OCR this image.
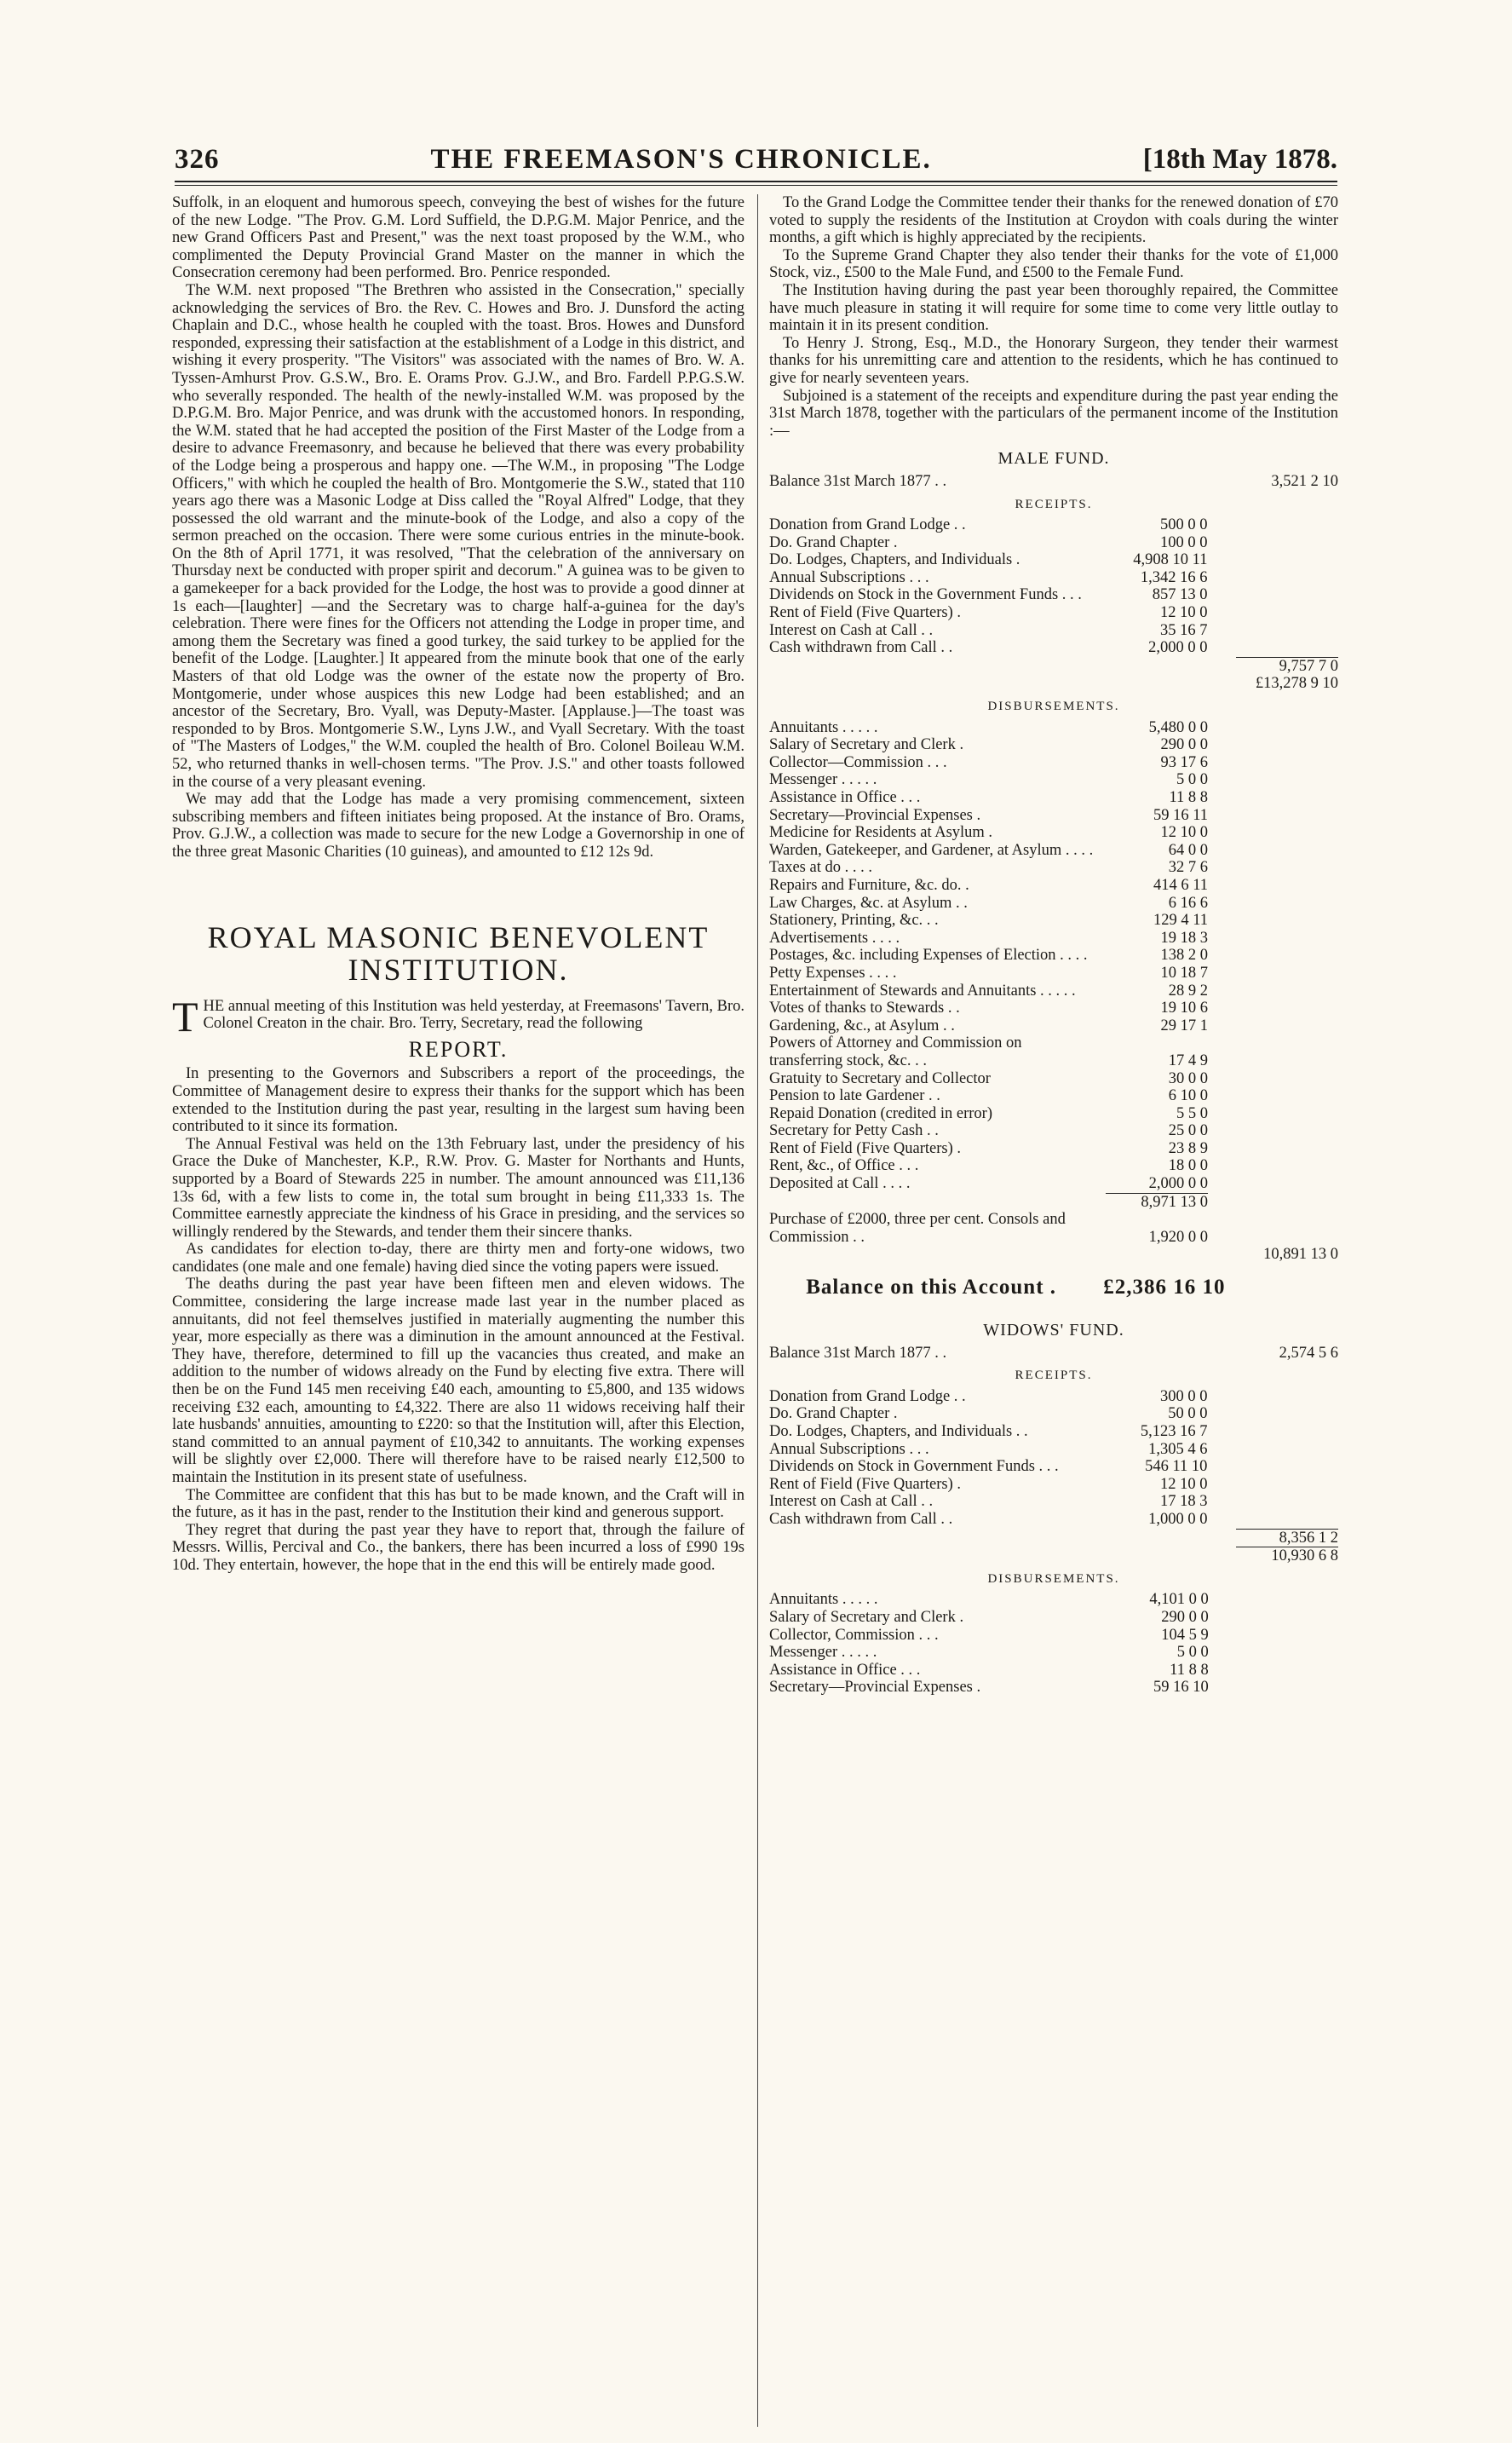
326	THE FREEMASON'S CHRONICLE.	[18th May 1878.

Suffolk, in an eloquent and humorous speech, conveying the best of wishes for the future of the new Lodge. "The Prov. G.M. Lord Suffield, the D.P.G.M. Major Penrice, and the new Grand Officers Past and Present," was the next toast proposed by the W.M., who complimented the Deputy Provincial Grand Master on the manner in which the Consecration ceremony had been performed. Bro. Penrice responded.

The W.M. next proposed "The Brethren who assisted in the Consecration," specially acknowledging the services of Bro. the Rev. C. Howes and Bro. J. Dunsford the acting Chaplain and D.C., whose health he coupled with the toast. Bros. Howes and Dunsford responded, expressing their satisfaction at the establishment of a Lodge in this district, and wishing it every prosperity. "The Visitors" was associated with the names of Bro. W. A. Tyssen-Amhurst Prov. G.S.W., Bro. E. Orams Prov. G.J.W., and Bro. Fardell P.P.G.S.W. who severally responded. The health of the newly-installed W.M. was proposed by the D.P.G.M. Bro. Major Penrice, and was drunk with the accustomed honors. In responding, the W.M. stated that he had accepted the position of the First Master of the Lodge from a desire to advance Freemasonry, and because he believed that there was every probability of the Lodge being a prosperous and happy one. —The W.M., in proposing "The Lodge Officers," with which he coupled the health of Bro. Montgomerie the S.W., stated that 110 years ago there was a Masonic Lodge at Diss called the "Royal Alfred" Lodge, that they possessed the old warrant and the minute-book of the Lodge, and also a copy of the sermon preached on the occasion. There were some curious entries in the minute-book. On the 8th of April 1771, it was resolved, "That the celebration of the anniversary on Thursday next be conducted with proper spirit and decorum." A guinea was to be given to a gamekeeper for a back provided for the Lodge, the host was to provide a good dinner at 1s each—[laughter] —and the Secretary was to charge half-a-guinea for the day's celebration. There were fines for the Officers not attending the Lodge in proper time, and among them the Secretary was fined a good turkey, the said turkey to be applied for the benefit of the Lodge. [Laughter.] It appeared from the minute book that one of the early Masters of that old Lodge was the owner of the estate now the property of Bro. Montgomerie, under whose auspices this new Lodge had been established; and an ancestor of the Secretary, Bro. Vyall, was Deputy-Master. [Applause.]—The toast was responded to by Bros. Montgomerie S.W., Lyns J.W., and Vyall Secretary. With the toast of "The Masters of Lodges," the W.M. coupled the health of Bro. Colonel Boileau W.M. 52, who returned thanks in well-chosen terms. "The Prov. J.S." and other toasts followed in the course of a very pleasant evening.

We may add that the Lodge has made a very promising commencement, sixteen subscribing members and fifteen initiates being proposed. At the instance of Bro. Orams, Prov. G.J.W., a collection was made to secure for the new Lodge a Governorship in one of the three great Masonic Charities (10 guineas), and amounted to £12 12s 9d.

ROYAL MASONIC BENEVOLENT INSTITUTION.

THE annual meeting of this Institution was held yesterday, at Freemasons' Tavern, Bro. Colonel Creaton in the chair. Bro. Terry, Secretary, read the following

REPORT.

In presenting to the Governors and Subscribers a report of the proceedings, the Committee of Management desire to express their thanks for the support which has been extended to the Institution during the past year, resulting in the largest sum having been contributed to it since its formation.

The Annual Festival was held on the 13th February last, under the presidency of his Grace the Duke of Manchester, K.P., R.W. Prov. G. Master for Northants and Hunts, supported by a Board of Stewards 225 in number. The amount announced was £11,136 13s 6d, with a few lists to come in, the total sum brought in being £11,333 1s. The Committee earnestly appreciate the kindness of his Grace in presiding, and the services so willingly rendered by the Stewards, and tender them their sincere thanks.

As candidates for election to-day, there are thirty men and forty-one widows, two candidates (one male and one female) having died since the voting papers were issued.

The deaths during the past year have been fifteen men and eleven widows. The Committee, considering the large increase made last year in the number placed as annuitants, did not feel themselves justified in materially augmenting the number this year, more especially as there was a diminution in the amount announced at the Festival. They have, therefore, determined to fill up the vacancies thus created, and make an addition to the number of widows already on the Fund by electing five extra. There will then be on the Fund 145 men receiving £40 each, amounting to £5,800, and 135 widows receiving £32 each, amounting to £4,322. There are also 11 widows receiving half their late husbands' annuities, amounting to £220: so that the Institution will, after this Election, stand committed to an annual payment of £10,342 to annuitants. The working expenses will be slightly over £2,000. There will therefore have to be raised nearly £12,500 to maintain the Institution in its present state of usefulness.

The Committee are confident that this has but to be made known, and the Craft will in the future, as it has in the past, render to the Institution their kind and generous support.

They regret that during the past year they have to report that, through the failure of Messrs. Willis, Percival and Co., the bankers, there has been incurred a loss of £990 19s 10d. They entertain, however, the hope that in the end this will be entirely made good.

To the Grand Lodge the Committee tender their thanks for the renewed donation of £70 voted to supply the residents of the Institution at Croydon with coals during the winter months, a gift which is highly appreciated by the recipients.

To the Supreme Grand Chapter they also tender their thanks for the vote of £1,000 Stock, viz., £500 to the Male Fund, and £500 to the Female Fund.

The Institution having during the past year been thoroughly repaired, the Committee have much pleasure in stating it will require for some time to come very little outlay to maintain it in its present condition.

To Henry J. Strong, Esq., M.D., the Honorary Surgeon, they tender their warmest thanks for his unremitting care and attention to the residents, which he has continued to give for nearly seventeen years.

Subjoined is a statement of the receipts and expenditure during the past year ending the 31st March 1878, together with the particulars of the permanent income of the Institution :—

MALE FUND.
Balance 31st March 1877 . .		3,521 2 10
RECEIPTS.
Donation from Grand Lodge . .	500 0 0	
Do. Grand Chapter .	100 0 0	
Do. Lodges, Chapters, and Individuals .	4,908 10 11	
Annual Subscriptions . . .	1,342 16 6	
Dividends on Stock in the Government Funds . . .	857 13 0	
Rent of Field (Five Quarters) .	12 10 0	
Interest on Cash at Call . .	35 16 7	
Cash withdrawn from Call . .	2,000 0 0	
		9,757 7 0
		£13,278 9 10
DISBURSEMENTS.
Annuitants . . . . .	5,480 0 0	
Salary of Secretary and Clerk .	290 0 0	
Collector—Commission . . .	93 17 6	
Messenger . . . . .	5 0 0	
Assistance in Office . . .	11 8 8	
Secretary—Provincial Expenses .	59 16 11	
Medicine for Residents at Asylum .	12 10 0	
Warden, Gatekeeper, and Gardener, at Asylum . . . .	64 0 0	
Taxes at do . . . .	32 7 6	
Repairs and Furniture, &c. do. .	414 6 11	
Law Charges, &c. at Asylum . .	6 16 6	
Stationery, Printing, &c. . .	129 4 11	
Advertisements . . . .	19 18 3	
Postages, &c. including Expenses of Election . . . .	138 2 0	
Petty Expenses . . . .	10 18 7	
Entertainment of Stewards and Annuitants . . . . .	28 9 2	
Votes of thanks to Stewards . .	19 10 6	
Gardening, &c., at Asylum . .	29 17 1	
Powers of Attorney and Commission on transferring stock, &c. . .	17 4 9	
Gratuity to Secretary and Collector	30 0 0	
Pension to late Gardener . .	6 10 0	
Repaid Donation (credited in error)	5 5 0	
Secretary for Petty Cash . .	25 0 0	
Rent of Field (Five Quarters) .	23 8 9	
Rent, &c., of Office . . .	18 0 0	
Deposited at Call . . . .	2,000 0 0	
	8,971 13 0	
Purchase of £2000, three per cent. Consols and Commission . .	1,920 0 0	
		10,891 13 0
Balance on this Account .	£2,386 16 10	
WIDOWS' FUND.
Balance 31st March 1877 . .		2,574 5 6
RECEIPTS.
Donation from Grand Lodge . .	300 0 0	
Do. Grand Chapter .	50 0 0	
Do. Lodges, Chapters, and Individuals . .	5,123 16 7	
Annual Subscriptions . . .	1,305 4 6	
Dividends on Stock in Government Funds . . .	546 11 10	
Rent of Field (Five Quarters) .	12 10 0	
Interest on Cash at Call . .	17 18 3	
Cash withdrawn from Call . .	1,000 0 0	
		8,356 1 2
		10,930 6 8
DISBURSEMENTS.
Annuitants . . . . .	4,101 0 0	
Salary of Secretary and Clerk .	290 0 0	
Collector, Commission . . .	104 5 9	
Messenger . . . . .	5 0 0	
Assistance in Office . . .	11 8 8	
Secretary—Provincial Expenses .	59 16 10	
